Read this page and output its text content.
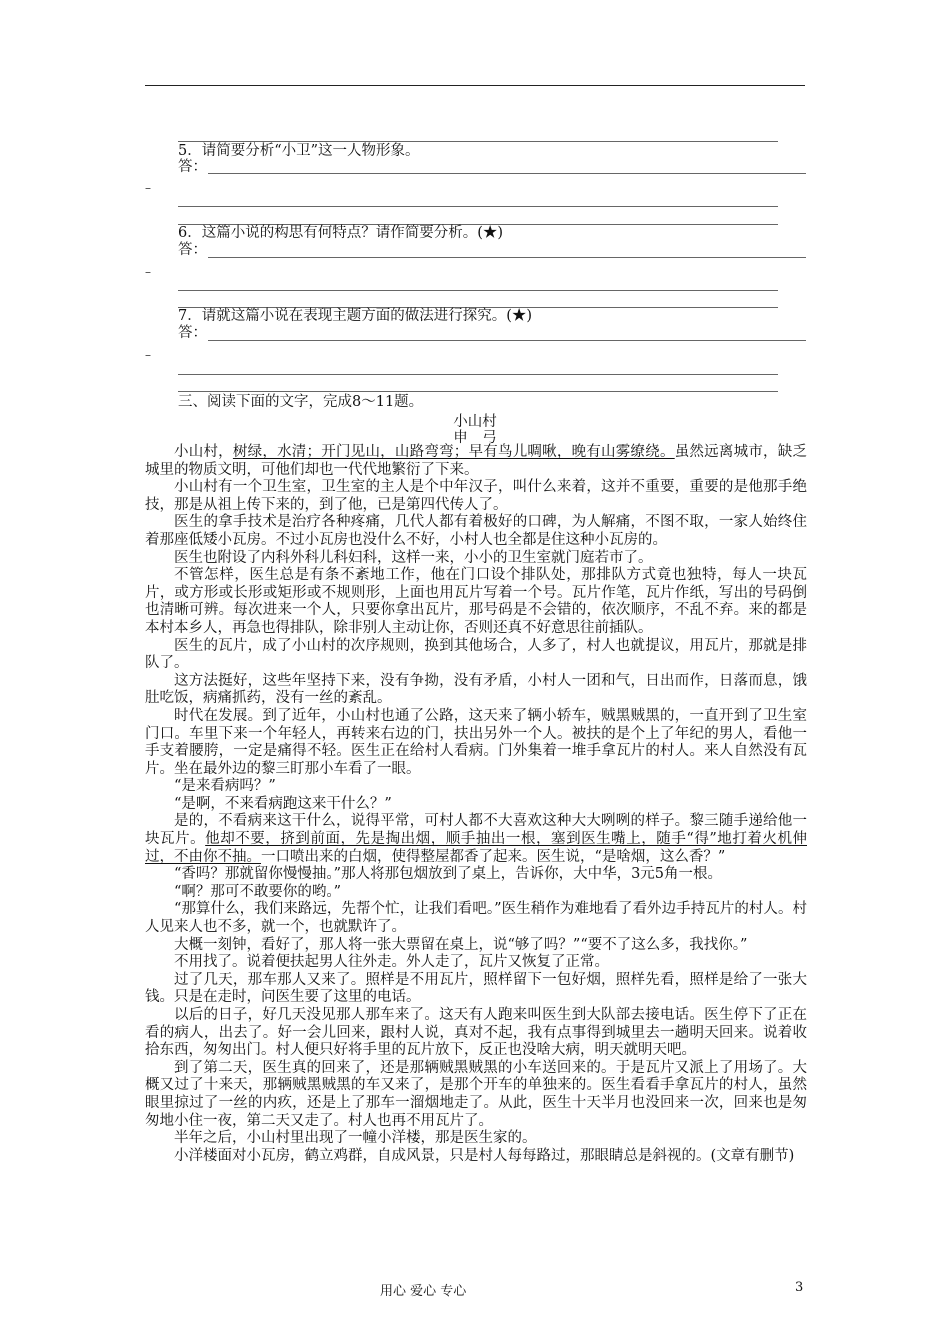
5．请简要分析“小卫”这一人物形象。
答：
–
6．这篇小说的构思有何特点？请作简要分析。(★)
答：
–
7．请就这篇小说在表现主题方面的做法进行探究。(★)
答：
–
三、阅读下面的文字，完成8～11题。
小山村
申　弓

小山村，树绿，水清；开门见山，山路弯弯；早有鸟儿啁啾，晚有山雾缭绕。虽然远离城市，缺乏城里的物质文明，可他们却也一代代地繁衍了下来。

小山村有一个卫生室，卫生室的主人是个中年汉子，叫什么来着，这并不重要，重要的是他那手绝技，那是从祖上传下来的，到了他，已是第四代传人了。

医生的拿手技术是治疗各种疼痛，几代人都有着极好的口碑，为人解痛，不图不取，一家人始终住着那座低矮小瓦房。不过小瓦房也没什么不好，小村人也全都是住这种小瓦房的。

医生也附设了内科外科儿科妇科，这样一来，小小的卫生室就门庭若市了。

不管怎样，医生总是有条不紊地工作，他在门口设个排队处，那排队方式竟也独特，每人一块瓦片，或方形或长形或矩形或不规则形，上面也用瓦片写着一个号。瓦片作笔，瓦片作纸，写出的号码倒也清晰可辨。每次进来一个人，只要你拿出瓦片，那号码是不会错的，依次顺序，不乱不弃。来的都是本村本乡人，再急也得排队，除非别人主动让你，否则还真不好意思往前插队。

医生的瓦片，成了小山村的次序规则，换到其他场合，人多了，村人也就提议，用瓦片，那就是排队了。

这方法挺好，这些年坚持下来，没有争拗，没有矛盾，小村人一团和气，日出而作，日落而息，饿肚吃饭，病痛抓药，没有一丝的紊乱。

时代在发展。到了近年，小山村也通了公路，这天来了辆小轿车，贼黑贼黑的，一直开到了卫生室门口。车里下来一个年轻人，再转来右边的门，扶出另外一个人。被扶的是个上了年纪的男人，看他一手支着腰胯，一定是痛得不轻。医生正在给村人看病。门外集着一堆手拿瓦片的村人。来人自然没有瓦片。坐在最外边的黎三盯那小车看了一眼。

“是来看病吗？”

“是啊，不来看病跑这来干什么？”

是的，不看病来这干什么，说得平常，可村人都不大喜欢这种大大咧咧的样子。黎三随手递给他一块瓦片。他却不要，挤到前面，先是掏出烟，顺手抽出一根，塞到医生嘴上，随手“得”地打着火机伸过，不由你不抽。一口喷出来的白烟，使得整屋都香了起来。医生说，“是啥烟，这么香？”

“香吗？那就留你慢慢抽。”那人将那包烟放到了桌上，告诉你，大中华，3元5角一根。

“啊？那可不敢要你的哟。”

“那算什么，我们来路远，先帮个忙，让我们看吧。”医生稍作为难地看了看外边手持瓦片的村人。村人见来人也不多，就一个，也就默许了。

大概一刻钟，看好了，那人将一张大票留在桌上，说“够了吗？”“要不了这么多，我找你。”

不用找了。说着便扶起男人往外走。外人走了，瓦片又恢复了正常。

过了几天，那车那人又来了。照样是不用瓦片，照样留下一包好烟，照样先看，照样是给了一张大钱。只是在走时，问医生要了这里的电话。

以后的日子，好几天没见那人那车来了。这天有人跑来叫医生到大队部去接电话。医生停下了正在看的病人，出去了。好一会儿回来，跟村人说，真对不起，我有点事得到城里去一趟明天回来。说着收拾东西，匆匆出门。村人便只好将手里的瓦片放下，反正也没啥大病，明天就明天吧。

到了第二天，医生真的回来了，还是那辆贼黑贼黑的小车送回来的。于是瓦片又派上了用场了。大概又过了十来天，那辆贼黑贼黑的车又来了，是那个开车的单独来的。医生看看手拿瓦片的村人，虽然眼里掠过了一丝的内疚，还是上了那车一溜烟地走了。从此，医生十天半月也没回来一次，回来也是匆匆地小住一夜，第二天又走了。村人也再不用瓦片了。

半年之后，小山村里出现了一幢小洋楼，那是医生家的。

小洋楼面对小瓦房，鹤立鸡群，自成风景，只是村人每每路过，那眼睛总是斜视的。(文章有删节)

用心 爱心 专心	3
